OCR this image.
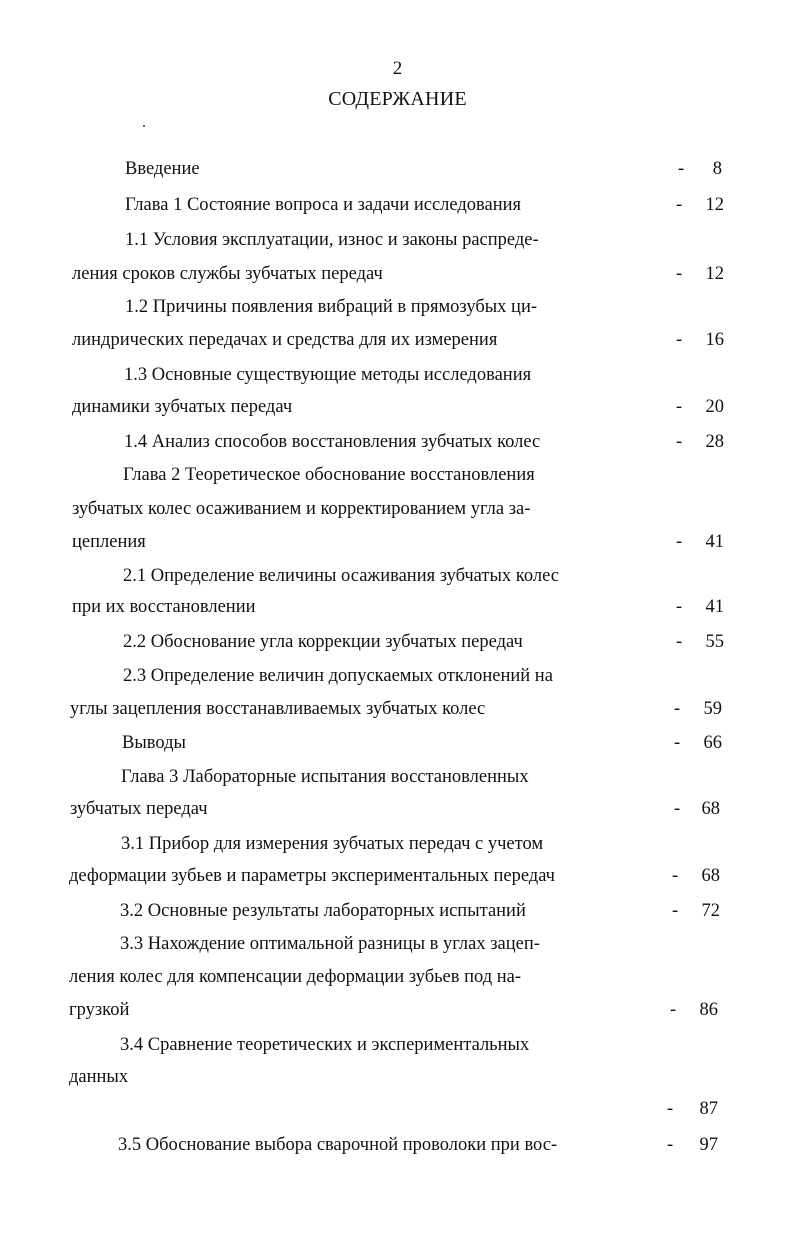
2
СОДЕРЖАНИЕ
Введение	-	8
Глава 1 Состояние вопроса и задачи исследования	-	12
1.1 Условия эксплуатации, износ и законы распреде-
ления сроков службы зубчатых передач	-	12
1.2 Причины появления вибраций в прямозубых ци-
линдрических передачах и средства для их измерения	-	16
1.3 Основные существующие методы исследования
динамики зубчатых передач	-	20
1.4 Анализ способов восстановления зубчатых колес	-	28
Глава 2 Теоретическое обоснование восстановления
зубчатых колес осаживанием и корректированием угла за-
цепления	-	41
2.1 Определение величины осаживания зубчатых колес
при их восстановлении	-	41
2.2 Обоснование угла коррекции зубчатых передач	-	55
2.3 Определение величин допускаемых отклонений на
углы зацепления восстанавливаемых зубчатых колес	-	59
Выводы	-	66
Глава 3 Лабораторные испытания восстановленных
зубчатых передач	-	68
3.1 Прибор для измерения зубчатых передач с учетом
деформации зубьев и параметры экспериментальных передач	-	68
3.2 Основные результаты лабораторных испытаний	-	72
3.3 Нахождение оптимальной разницы в углах зацеп-
ления колес для компенсации деформации зубьев под на-
грузкой	-	86
3.4 Сравнение теоретических и экспериментальных
данных
-	87
3.5 Обоснование выбора сварочной проволоки при вос-	-	97
